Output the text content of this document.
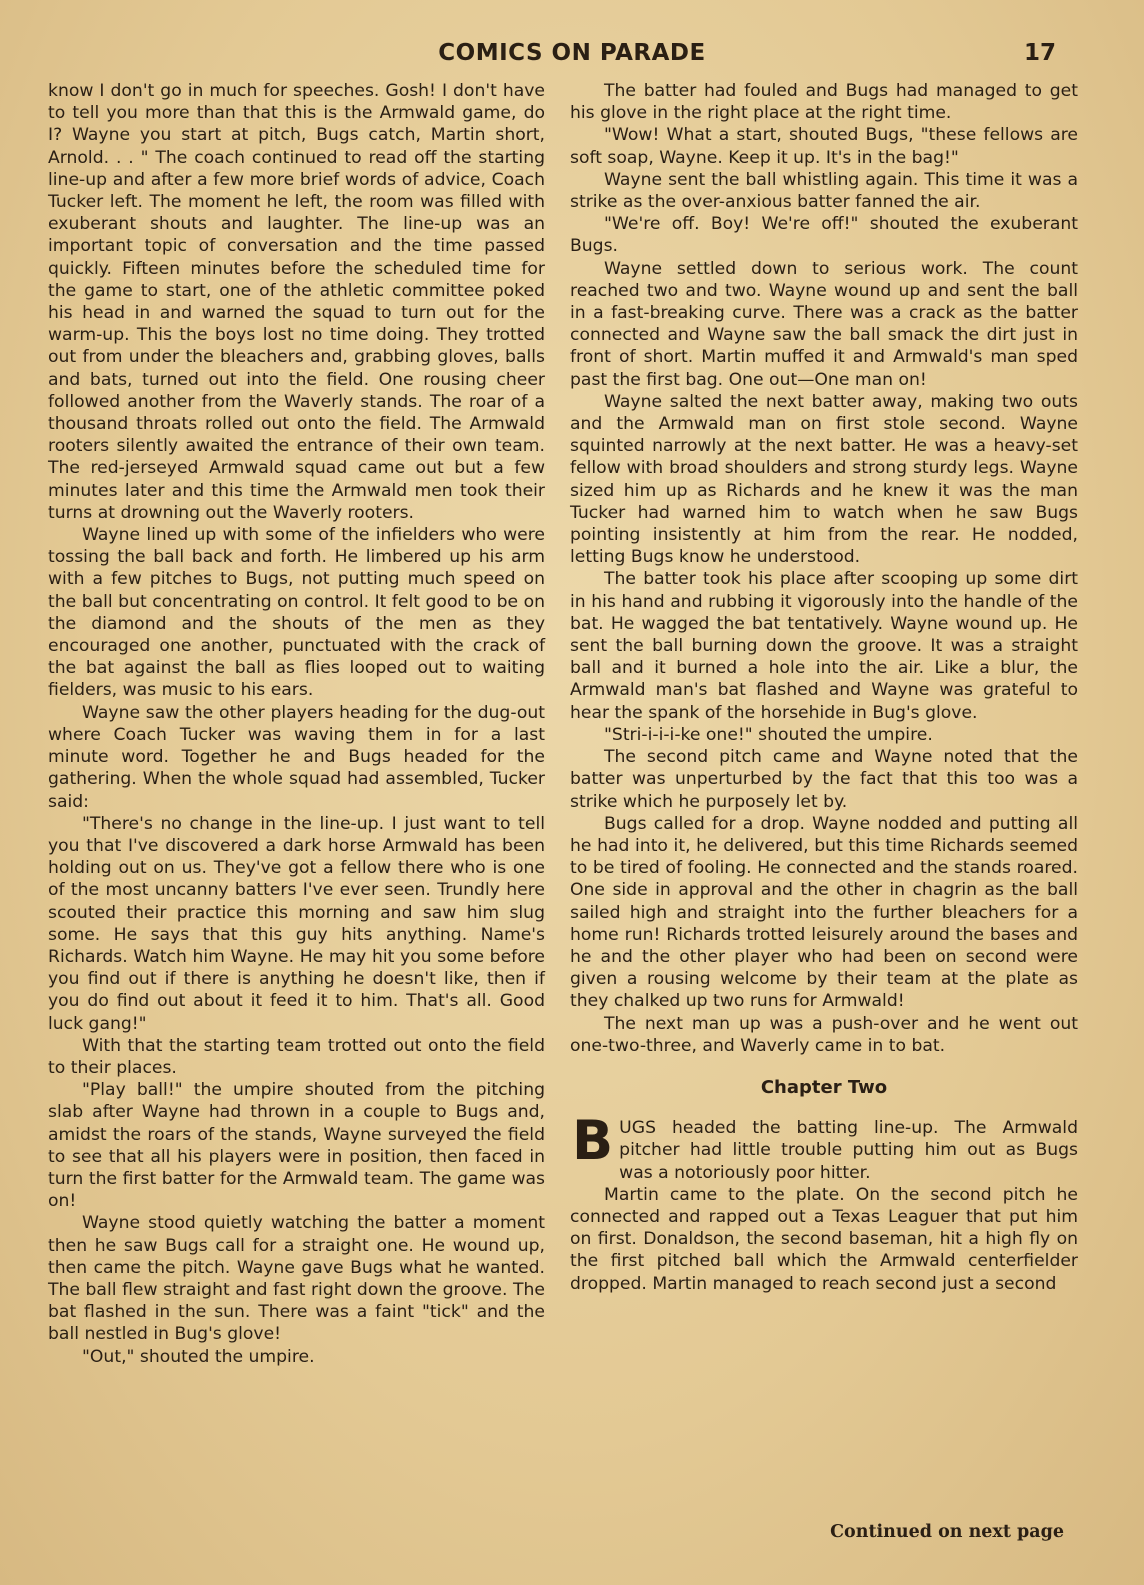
COMICS ON PARADE	17

know I don't go in much for speeches. Gosh! I don't have to tell you more than that this is the Armwald game, do I? Wayne you start at pitch, Bugs catch, Martin short, Arnold. . . " The coach continued to read off the starting line-up and after a few more brief words of advice, Coach Tucker left. The moment he left, the room was filled with exuberant shouts and laughter. The line-up was an important topic of conversation and the time passed quickly. Fifteen minutes before the scheduled time for the game to start, one of the athletic committee poked his head in and warned the squad to turn out for the warm-up. This the boys lost no time doing. They trotted out from under the bleachers and, grabbing gloves, balls and bats, turned out into the field. One rousing cheer followed another from the Waverly stands. The roar of a thousand throats rolled out onto the field. The Armwald rooters silently awaited the entrance of their own team. The red-jerseyed Armwald squad came out but a few minutes later and this time the Armwald men took their turns at drowning out the Waverly rooters.

Wayne lined up with some of the infielders who were tossing the ball back and forth. He limbered up his arm with a few pitches to Bugs, not putting much speed on the ball but concentrating on control. It felt good to be on the diamond and the shouts of the men as they encouraged one another, punctuated with the crack of the bat against the ball as flies looped out to waiting fielders, was music to his ears.

Wayne saw the other players heading for the dug-out where Coach Tucker was waving them in for a last minute word. Together he and Bugs headed for the gathering. When the whole squad had assembled, Tucker said:

"There's no change in the line-up. I just want to tell you that I've discovered a dark horse Armwald has been holding out on us. They've got a fellow there who is one of the most uncanny batters I've ever seen. Trundly here scouted their practice this morning and saw him slug some. He says that this guy hits anything. Name's Richards. Watch him Wayne. He may hit you some before you find out if there is anything he doesn't like, then if you do find out about it feed it to him. That's all. Good luck gang!"

With that the starting team trotted out onto the field to their places.

"Play ball!" the umpire shouted from the pitching slab after Wayne had thrown in a couple to Bugs and, amidst the roars of the stands, Wayne surveyed the field to see that all his players were in position, then faced in turn the first batter for the Armwald team. The game was on!

Wayne stood quietly watching the batter a moment then he saw Bugs call for a straight one. He wound up, then came the pitch. Wayne gave Bugs what he wanted. The ball flew straight and fast right down the groove. The bat flashed in the sun. There was a faint "tick" and the ball nestled in Bug's glove!

"Out," shouted the umpire.

The batter had fouled and Bugs had managed to get his glove in the right place at the right time.

"Wow! What a start, shouted Bugs, "these fellows are soft soap, Wayne. Keep it up. It's in the bag!"

Wayne sent the ball whistling again. This time it was a strike as the over-anxious batter fanned the air.

"We're off. Boy! We're off!" shouted the exuberant Bugs.

Wayne settled down to serious work. The count reached two and two. Wayne wound up and sent the ball in a fast-breaking curve. There was a crack as the batter connected and Wayne saw the ball smack the dirt just in front of short. Martin muffed it and Armwald's man sped past the first bag. One out—One man on!

Wayne salted the next batter away, making two outs and the Armwald man on first stole second. Wayne squinted narrowly at the next batter. He was a heavy-set fellow with broad shoulders and strong sturdy legs. Wayne sized him up as Richards and he knew it was the man Tucker had warned him to watch when he saw Bugs pointing insistently at him from the rear. He nodded, letting Bugs know he understood.

The batter took his place after scooping up some dirt in his hand and rubbing it vigorously into the handle of the bat. He wagged the bat tentatively. Wayne wound up. He sent the ball burning down the groove. It was a straight ball and it burned a hole into the air. Like a blur, the Armwald man's bat flashed and Wayne was grateful to hear the spank of the horsehide in Bug's glove.

"Stri-i-i-i-ke one!" shouted the umpire.

The second pitch came and Wayne noted that the batter was unperturbed by the fact that this too was a strike which he purposely let by.

Bugs called for a drop. Wayne nodded and putting all he had into it, he delivered, but this time Richards seemed to be tired of fooling. He connected and the stands roared. One side in approval and the other in chagrin as the ball sailed high and straight into the further bleachers for a home run! Richards trotted leisurely around the bases and he and the other player who had been on second were given a rousing welcome by their team at the plate as they chalked up two runs for Armwald!

The next man up was a push-over and he went out one-two-three, and Waverly came in to bat.

Chapter Two

BUGS headed the batting line-up. The Armwald pitcher had little trouble putting him out as Bugs was a notoriously poor hitter.

Martin came to the plate. On the second pitch he connected and rapped out a Texas Leaguer that put him on first. Donaldson, the second baseman, hit a high fly on the first pitched ball which the Armwald centerfielder dropped. Martin managed to reach second just a second

Continued on next page
